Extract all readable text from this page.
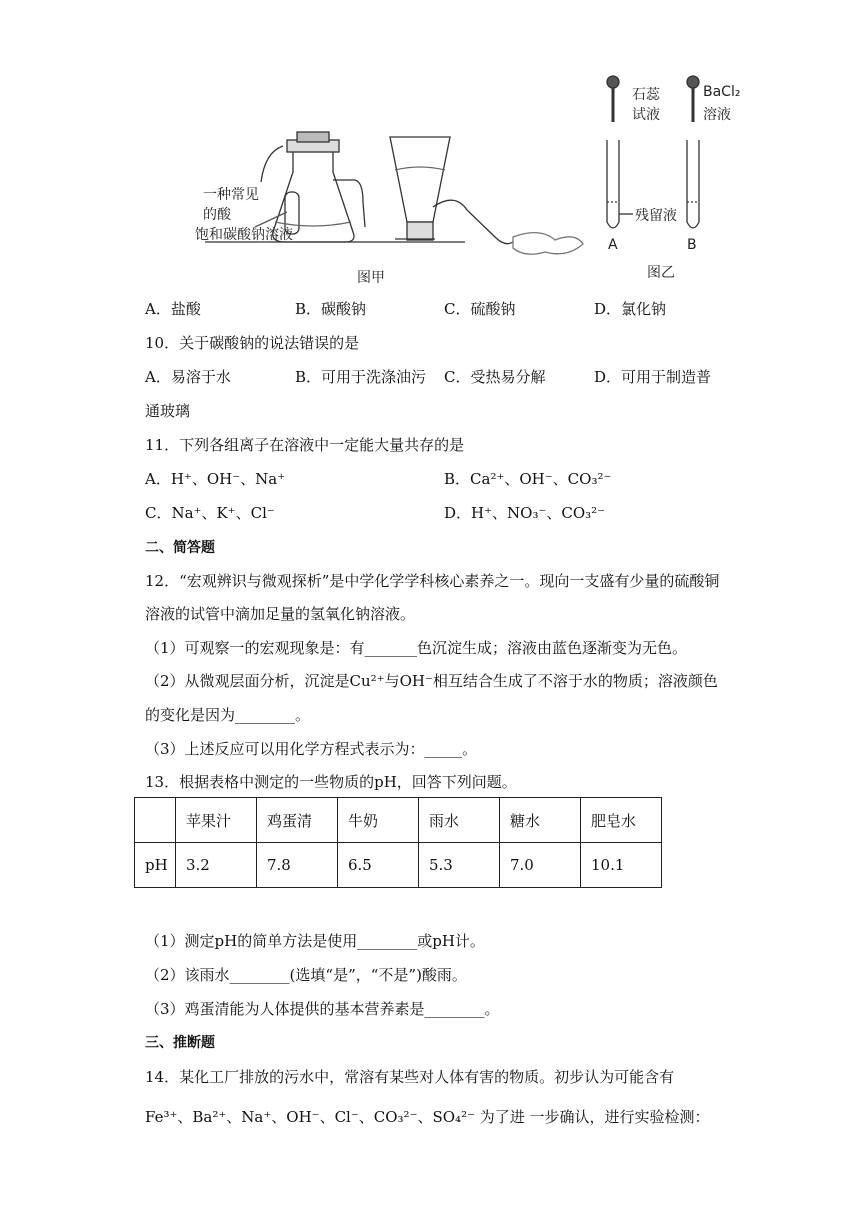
一种常见
的酸
饱和碳酸钠溶液
图甲
石蕊
试液
BaCl₂
溶液
残留液
A	B
图乙
A．盐酸	B．碳酸钠	C．硫酸钠	D．氯化钠
10．关于碳酸钠的说法错误的是
A．易溶于水	B．可用于洗涤油污 C．受热易分解	D．可用于制造普
通玻璃
11．下列各组离子在溶液中一定能大量共存的是
A．H⁺、OH⁻、Na⁺	B．Ca²⁺、OH⁻、CO₃²⁻
C．Na⁺、K⁺、Cl⁻	D．H⁺、NO₃⁻、CO₃²⁻
二、简答题
12．“宏观辨识与微观探析”是中学化学学科核心素养之一。现向一支盛有少量的硫酸铜
溶液的试管中滴加足量的氢氧化钠溶液。
（1）可观察一的宏观现象是：有_______色沉淀生成；溶液由蓝色逐渐变为无色。
（2）从微观层面分析，沉淀是Cu²⁺与OH⁻相互结合生成了不溶于水的物质；溶液颜色
的变化是因为________。
（3）上述反应可以用化学方程式表示为：_____。
13．根据表格中测定的一些物质的pH，回答下列问题。
	苹果汁	鸡蛋清	牛奶	雨水	糖水	肥皂水
pH	3.2	7.8	6.5	5.3	7.0	10.1
（1）测定pH的简单方法是使用________或pH计。
（2）该雨水________(选填“是”，“不是”)酸雨。
（3）鸡蛋清能为人体提供的基本营养素是________。
三、推断题
14．某化工厂排放的污水中，常溶有某些对人体有害的物质。初步认为可能含有
Fe³⁺、Ba²⁺、Na⁺、OH⁻、Cl⁻、CO₃²⁻、SO₄²⁻ 为了进 一步确认，进行实验检测：
